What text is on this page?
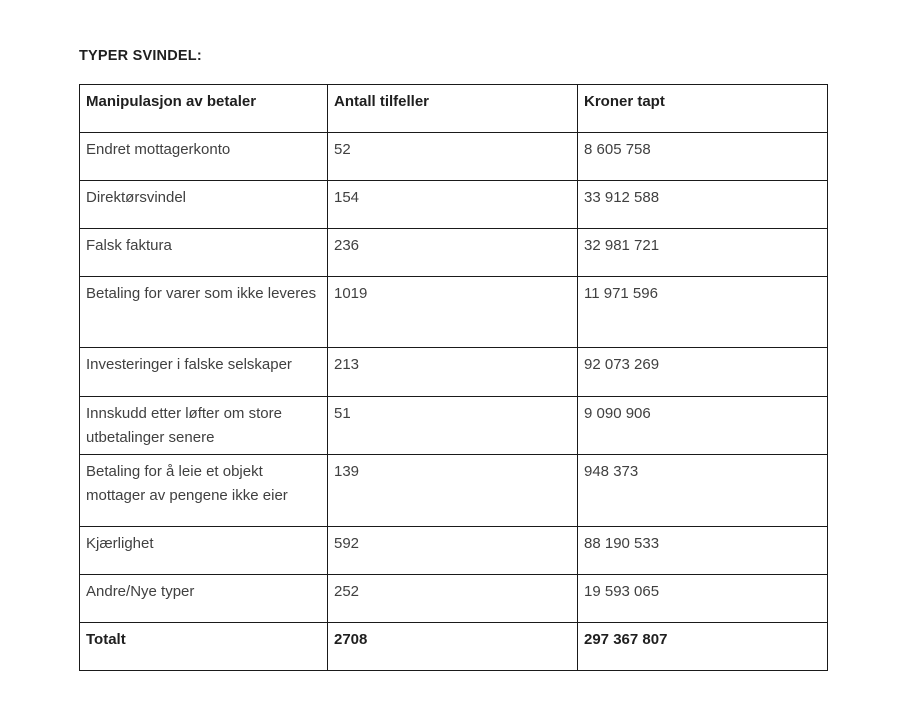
TYPER SVINDEL:
Manipulasjon av betaler	Antall tilfeller	Kroner tapt
Endret mottagerkonto	52	8 605 758
Direktørsvindel	154	33 912 588
Falsk faktura	236	32 981 721
Betaling for varer som ikke leveres	1019	11 971 596
Investeringer i falske selskaper	213	92 073 269
Innskudd etter løfter om store utbetalinger senere	51	9 090 906
Betaling for å leie et objekt mottager av pengene ikke eier	139	948 373
Kjærlighet	592	88 190 533
Andre/Nye typer	252	19 593 065
Totalt	2708	297 367 807
